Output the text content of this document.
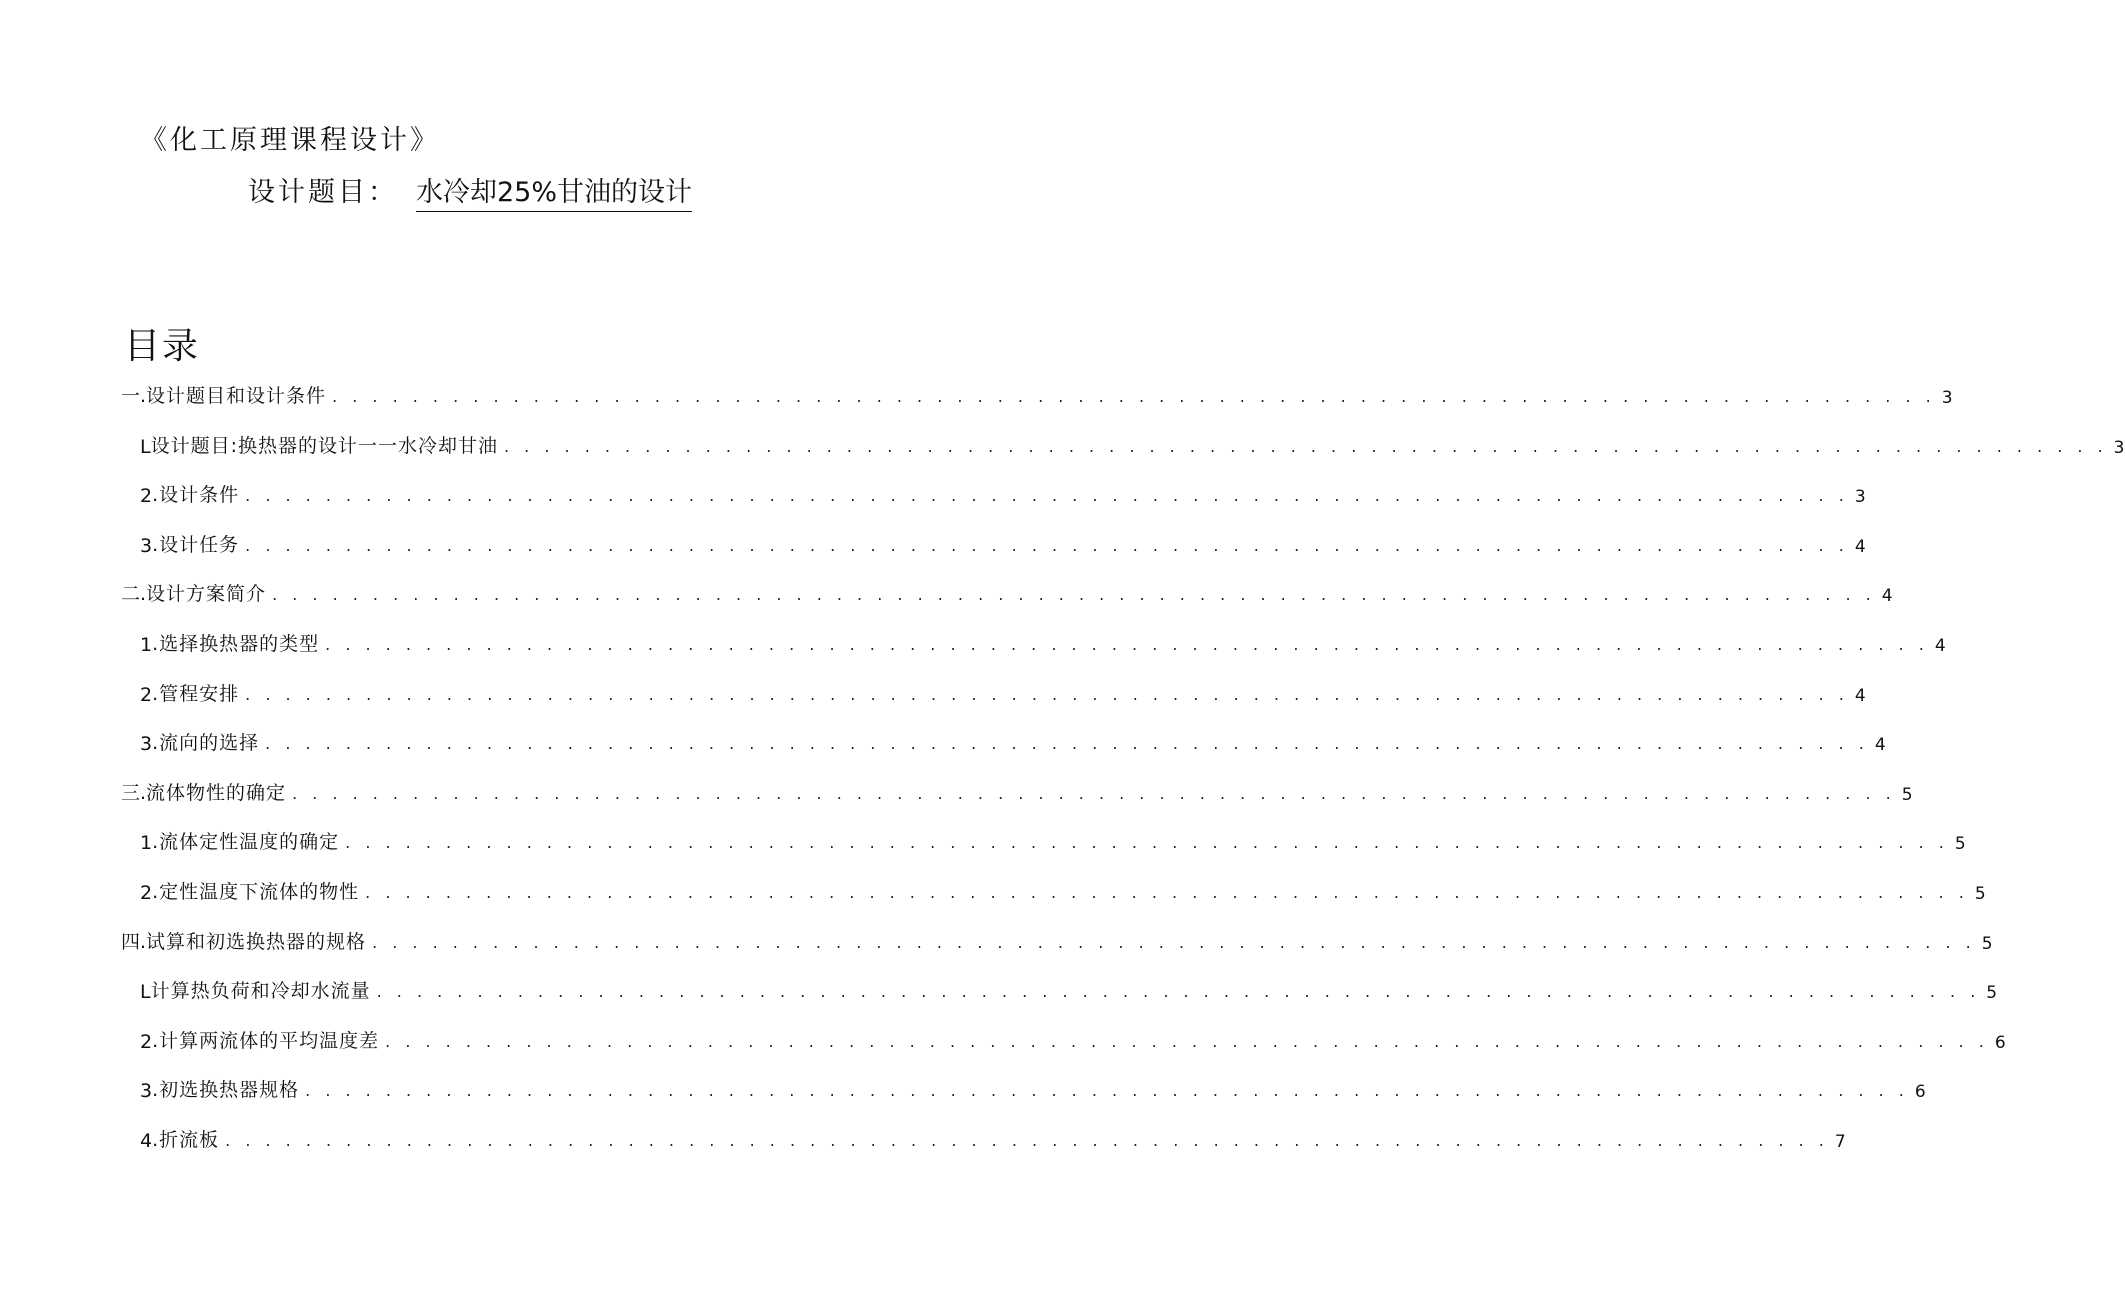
《化工原理课程设计》
设计题目： 水冷却25%甘油的设计
目录
一. 设计题目和设计条件 . . . . . . . . . . . . . . . . . . . . . . . . . . . . . . . . . . . . . . . . . . . . . . . . . . . . . . . . . . . . . . . . . . . . . . . . . . . . . . . . 3
L 设计题目:换热器的设计一一水冷却甘油 . . . . . . . . . . . . . . . . . . . . . . . . . . . . . . . . . . . . . . . . . . . . . . . . . . . . . . . . . . . . . . . . . . . . . . . . . . . . . . . . 3
2 .设计条件 . . . . . . . . . . . . . . . . . . . . . . . . . . . . . . . . . . . . . . . . . . . . . . . . . . . . . . . . . . . . . . . . . . . . . . . . . . . . . . . . 3
3 .设计任务 . . . . . . . . . . . . . . . . . . . . . . . . . . . . . . . . . . . . . . . . . . . . . . . . . . . . . . . . . . . . . . . . . . . . . . . . . . . . . . . . 4
二. 设计方案简介 . . . . . . . . . . . . . . . . . . . . . . . . . . . . . . . . . . . . . . . . . . . . . . . . . . . . . . . . . . . . . . . . . . . . . . . . . . . . . . . . 4
1 .选择换热器的类型 . . . . . . . . . . . . . . . . . . . . . . . . . . . . . . . . . . . . . . . . . . . . . . . . . . . . . . . . . . . . . . . . . . . . . . . . . . . . . . . . 4
2 .管程安排 . . . . . . . . . . . . . . . . . . . . . . . . . . . . . . . . . . . . . . . . . . . . . . . . . . . . . . . . . . . . . . . . . . . . . . . . . . . . . . . . 4
3 .流向的选择 . . . . . . . . . . . . . . . . . . . . . . . . . . . . . . . . . . . . . . . . . . . . . . . . . . . . . . . . . . . . . . . . . . . . . . . . . . . . . . . . 4
三. 流体物性的确定 . . . . . . . . . . . . . . . . . . . . . . . . . . . . . . . . . . . . . . . . . . . . . . . . . . . . . . . . . . . . . . . . . . . . . . . . . . . . . . . . 5
1 .流体定性温度的确定 . . . . . . . . . . . . . . . . . . . . . . . . . . . . . . . . . . . . . . . . . . . . . . . . . . . . . . . . . . . . . . . . . . . . . . . . . . . . . . . . 5
2 .定性温度下流体的物性 . . . . . . . . . . . . . . . . . . . . . . . . . . . . . . . . . . . . . . . . . . . . . . . . . . . . . . . . . . . . . . . . . . . . . . . . . . . . . . . . 5
四. 试算和初选换热器的规格 . . . . . . . . . . . . . . . . . . . . . . . . . . . . . . . . . . . . . . . . . . . . . . . . . . . . . . . . . . . . . . . . . . . . . . . . . . . . . . . . 5
L 计算热负荷和冷却水流量 . . . . . . . . . . . . . . . . . . . . . . . . . . . . . . . . . . . . . . . . . . . . . . . . . . . . . . . . . . . . . . . . . . . . . . . . . . . . . . . . 5
2 .计算两流体的平均温度差 . . . . . . . . . . . . . . . . . . . . . . . . . . . . . . . . . . . . . . . . . . . . . . . . . . . . . . . . . . . . . . . . . . . . . . . . . . . . . . . . 6
3 .初选换热器规格 . . . . . . . . . . . . . . . . . . . . . . . . . . . . . . . . . . . . . . . . . . . . . . . . . . . . . . . . . . . . . . . . . . . . . . . . . . . . . . . . 6
4 .折流板 . . . . . . . . . . . . . . . . . . . . . . . . . . . . . . . . . . . . . . . . . . . . . . . . . . . . . . . . . . . . . . . . . . . . . . . . . . . . . . . . 7
